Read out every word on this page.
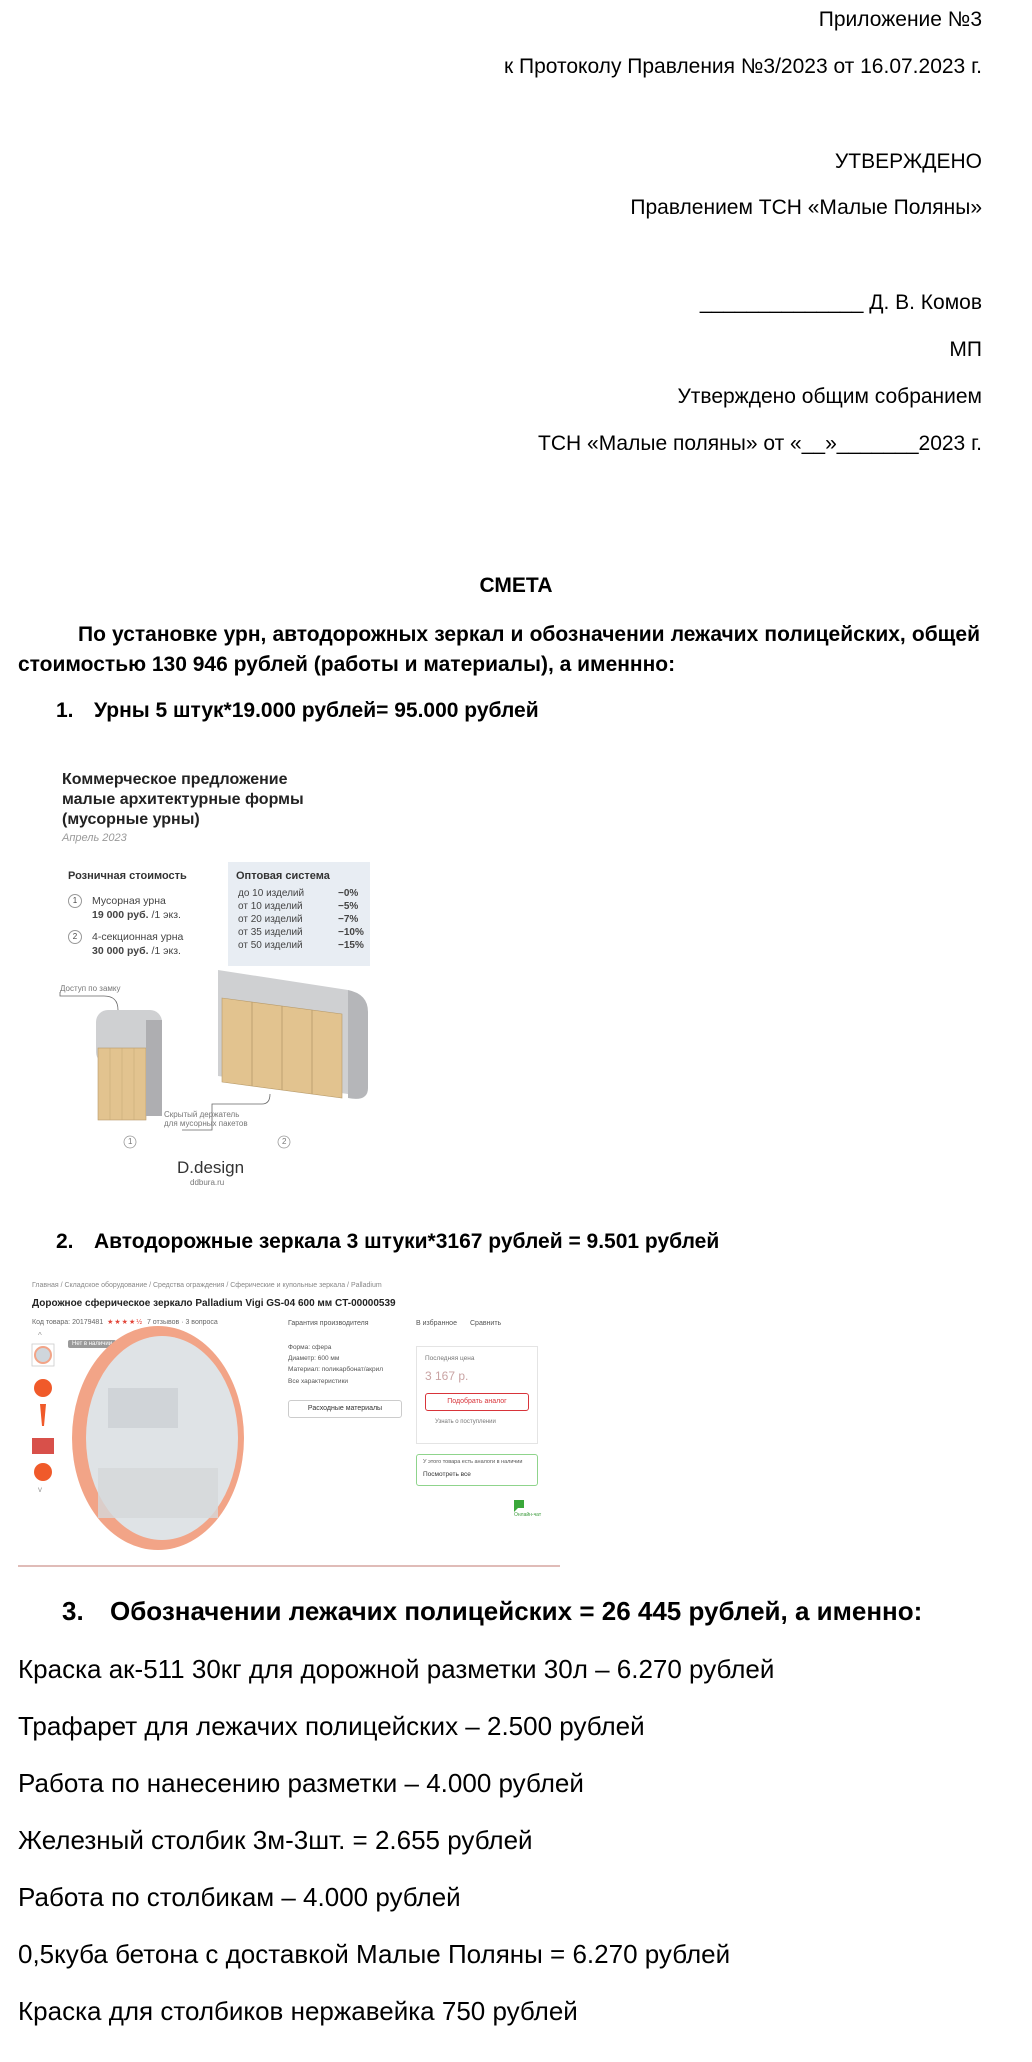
Приложение №3
к Протоколу Правления №3/2023 от 16.07.2023 г.
УТВЕРЖДЕНО
Правлением ТСН «Малые Поляны»
______________ Д. В. Комов
МП
Утверждено общим собранием
ТСН «Малые поляны» от «__»_______2023 г.
СМЕТА
По установке урн, автодорожных зеркал и обозначении лежачих полицейских, общей стоимостью 130 946 рублей (работы и материалы), а именнно:
1. Урны 5 штук*19.000 рублей= 95.000 рублей
Коммерческое предложение
малые архитектурные формы
(мусорные урны)
Апрель 2023
Розничная стоимость
1 Мусорная урна
19 000 руб. /1 экз.
2 4-секционная урна
30 000 руб. /1 экз.
Оптовая система
до 10 изделий	−0%
от 10 изделий	−5%
от 20 изделий	−7%
от 35 изделий	−10%
от 50 изделий	−15%
Доступ по замку
Скрытый держатель
для мусорных пакетов
1	2
D.design
ddbura.ru
2. Автодорожные зеркала 3 штуки*3167 рублей = 9.501 рублей
Главная / Складское оборудование / Средства ограждения / Сферические и купольные зеркала / Palladium
Дорожное сферическое зеркало Palladium Vigi GS-04 600 мм CT-00000539
Код товара: 20179481 ★★★★½ 7 отзывов · 3 вопроса	Гарантия производителя	В избранное Сравнить
Нет в наличии
^
v
Форма: сфера
Диаметр: 600 мм
Материал: поликарбонат/акрил
Все характеристики
Расходные материалы
Последняя цена
3 167 р.
Подобрать аналог
Узнать о поступлении
У этого товара есть аналоги в наличии
Посмотреть все
Онлайн-чат
3. Обозначении лежачих полицейских = 26 445 рублей, а именно:
Краска ак-511 30кг для дорожной разметки 30л – 6.270 рублей
Трафарет для лежачих полицейских – 2.500 рублей
Работа по нанесению разметки – 4.000 рублей
Железный столбик 3м-3шт. = 2.655 рублей
Работа по столбикам – 4.000 рублей
0,5куба бетона с доставкой Малые Поляны = 6.270 рублей
Краска для столбиков нержавейка 750 рублей
